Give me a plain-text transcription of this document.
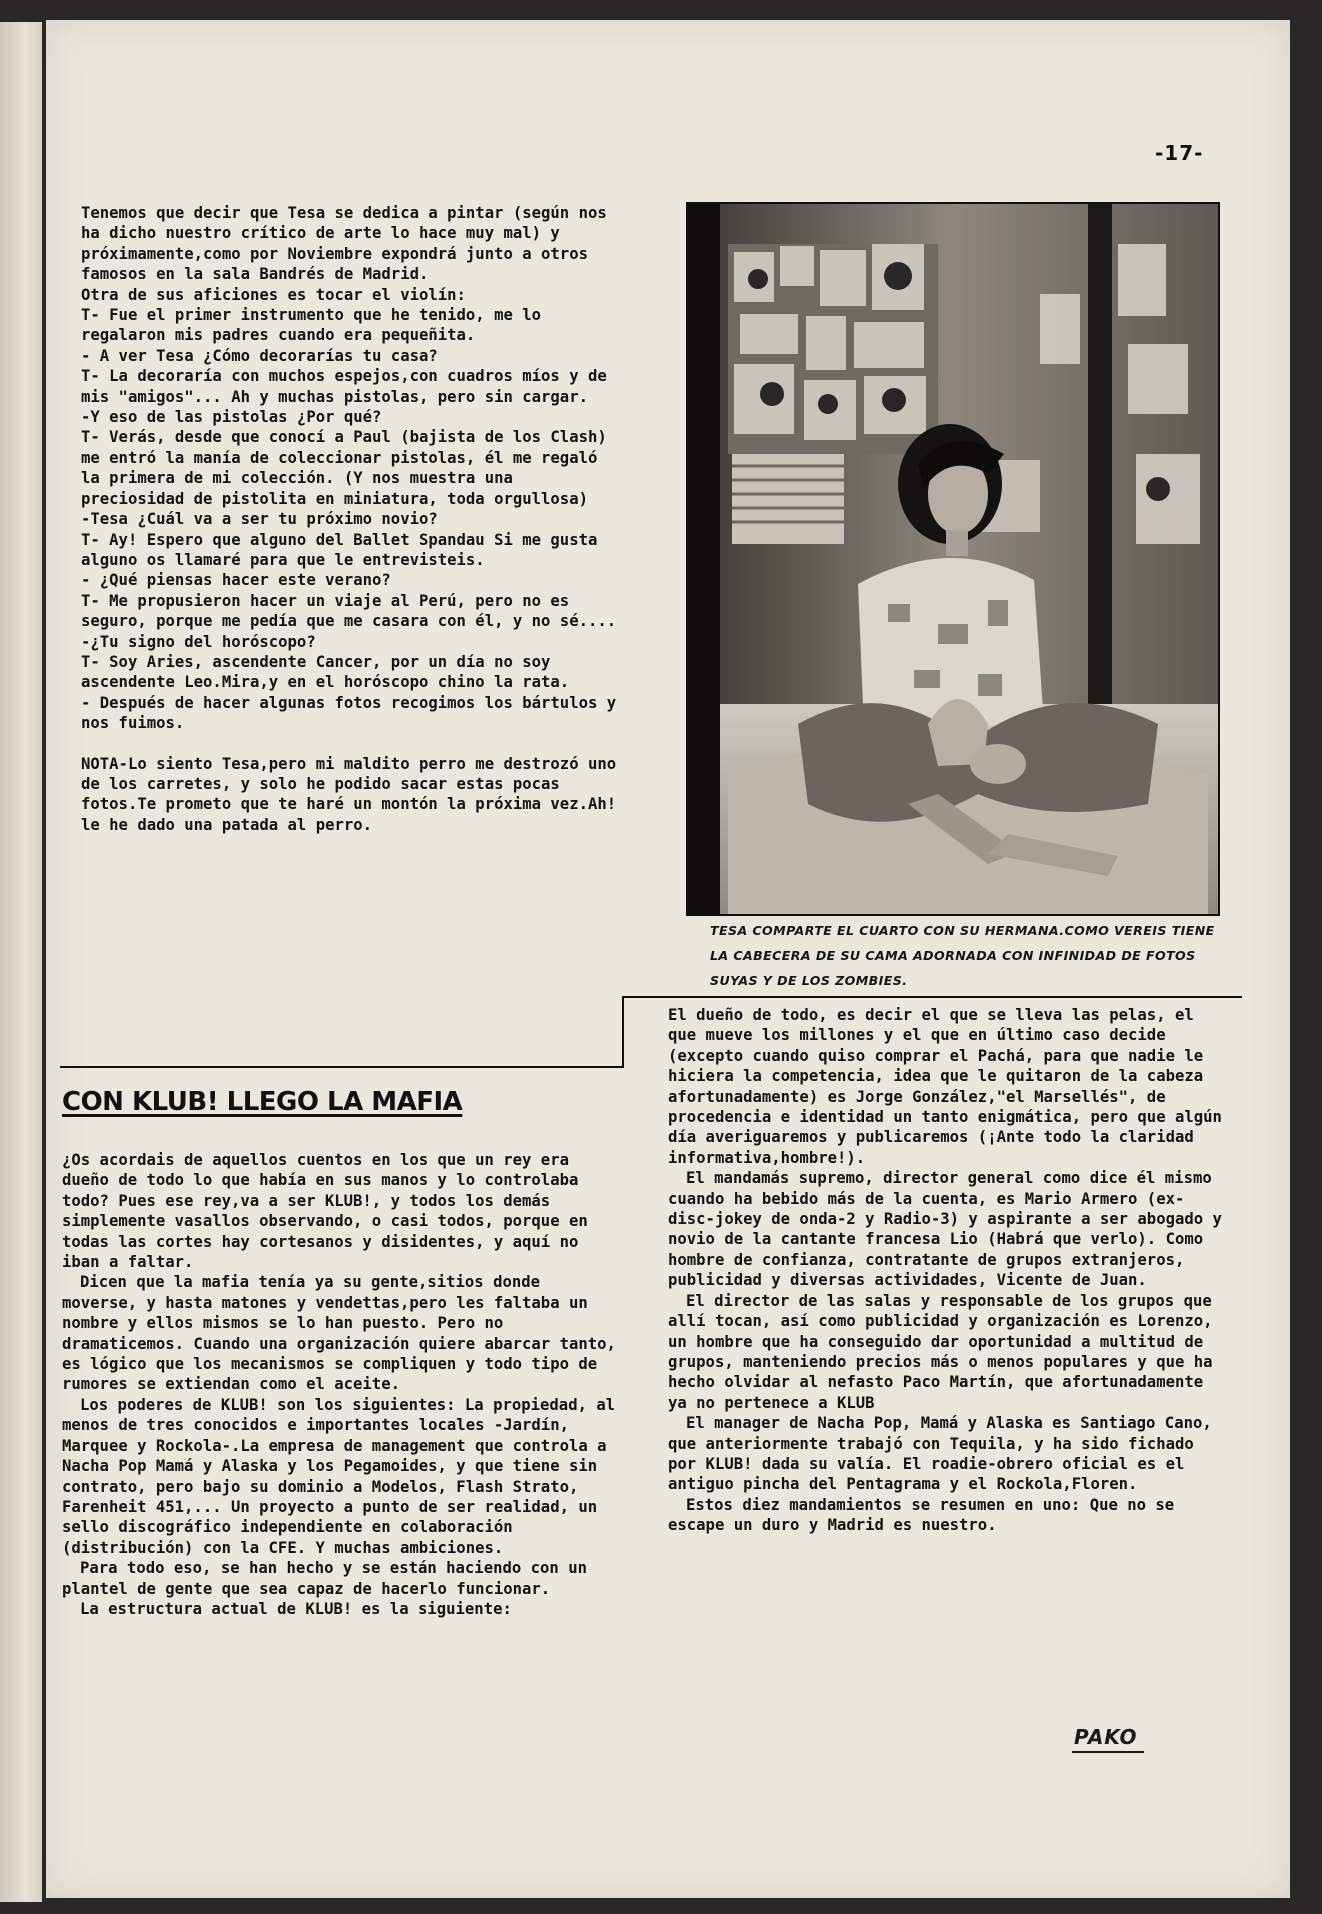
-17-

Tenemos que decir que Tesa se dedica a pintar (según nos ha dicho nuestro crítico de arte lo hace muy mal) y próximamente,como por Noviembre expondrá junto a otros famosos en la sala Bandrés de Madrid.

Otra de sus aficiones es tocar el violín:

T- Fue el primer instrumento que he tenido, me lo regalaron mis padres cuando era pequeñita.

- A ver Tesa ¿Cómo decorarías tu casa?

T- La decoraría con muchos espejos,con cuadros míos y de mis "amigos"... Ah y muchas pistolas, pero sin cargar.

-Y eso de las pistolas ¿Por qué?

T- Verás, desde que conocí a Paul (bajista de los Clash) me entró la manía de coleccionar pistolas, él me regaló la primera de mi colección. (Y nos muestra una preciosidad de pistolita en miniatura, toda orgullosa)

-Tesa ¿Cuál va a ser tu próximo novio?

T- Ay! Espero que alguno del Ballet Spandau Si me gusta alguno os llamaré para que le entrevisteis.

- ¿Qué piensas hacer este verano?

T- Me propusieron hacer un viaje al Perú, pero no es seguro, porque me pedía que me casara con él, y no sé....

-¿Tu signo del horóscopo?

T- Soy Aries, ascendente Cancer, por un día no soy ascendente Leo.Mira,y en el horóscopo chino la rata.

- Después de hacer algunas fotos recogimos los bártulos y nos fuimos.

NOTA-Lo siento Tesa,pero mi maldito perro me destrozó uno de los carretes, y solo he podido sacar estas pocas fotos.Te prometo que te haré un montón la próxima vez.Ah! le he dado una patada al perro.

TESA COMPARTE EL CUARTO CON SU HERMANA.COMO VEREIS TIENE LA CABECERA DE SU CAMA ADORNADA CON INFINIDAD DE FOTOS SUYAS Y DE LOS ZOMBIES.
CON KLUB! LLEGO LA MAFIA

¿Os acordais de aquellos cuentos en los que un rey era dueño de todo lo que había en sus manos y lo controlaba todo? Pues ese rey,va a ser KLUB!, y todos los demás simplemente vasallos observando, o casi todos, porque en todas las cortes hay cortesanos y disidentes, y aquí no iban a faltar.

Dicen que la mafia tenía ya su gente,sitios donde moverse, y hasta matones y vendettas,pero les faltaba un nombre y ellos mismos se lo han puesto. Pero no dramaticemos. Cuando una organización quiere abarcar tanto, es lógico que los mecanismos se compliquen y todo tipo de rumores se extiendan como el aceite.

Los poderes de KLUB! son los siguientes: La propiedad, al menos de tres conocidos e importantes locales -Jardín, Marquee y Rockola-.La empresa de management que controla a Nacha Pop Mamá y Alaska y los Pegamoides, y que tiene sin contrato, pero bajo su dominio a Modelos, Flash Strato, Farenheit 451,... Un proyecto a punto de ser realidad, un sello discográfico independiente en colaboración (distribución) con la CFE. Y muchas ambiciones.

Para todo eso, se han hecho y se están haciendo con un plantel de gente que sea capaz de hacerlo funcionar.

La estructura actual de KLUB! es la siguiente:

El dueño de todo, es decir el que se lleva las pelas, el que mueve los millones y el que en último caso decide (excepto cuando quiso comprar el Pachá, para que nadie le hiciera la competencia, idea que le quitaron de la cabeza afortunadamente) es Jorge González,"el Marsellés", de procedencia e identidad un tanto enigmática, pero que algún día averiguaremos y publicaremos (¡Ante todo la claridad informativa,hombre!).

El mandamás supremo, director general como dice él mismo cuando ha bebido más de la cuenta, es Mario Armero (ex-disc-jokey de onda-2 y Radio-3) y aspirante a ser abogado y novio de la cantante francesa Lio (Habrá que verlo). Como hombre de confianza, contratante de grupos extranjeros, publicidad y diversas actividades, Vicente de Juan.

El director de las salas y responsable de los grupos que allí tocan, así como publicidad y organización es Lorenzo, un hombre que ha conseguido dar oportunidad a multitud de grupos, manteniendo precios más o menos populares y que ha hecho olvidar al nefasto Paco Martín, que afortunadamente ya no pertenece a KLUB

El manager de Nacha Pop, Mamá y Alaska es Santiago Cano, que anteriormente trabajó con Tequila, y ha sido fichado por KLUB! dada su valía. El roadie-obrero oficial es el antiguo pincha del Pentagrama y el Rockola,Floren.

Estos diez mandamientos se resumen en uno: Que no se escape un duro y Madrid es nuestro.

PAKO
